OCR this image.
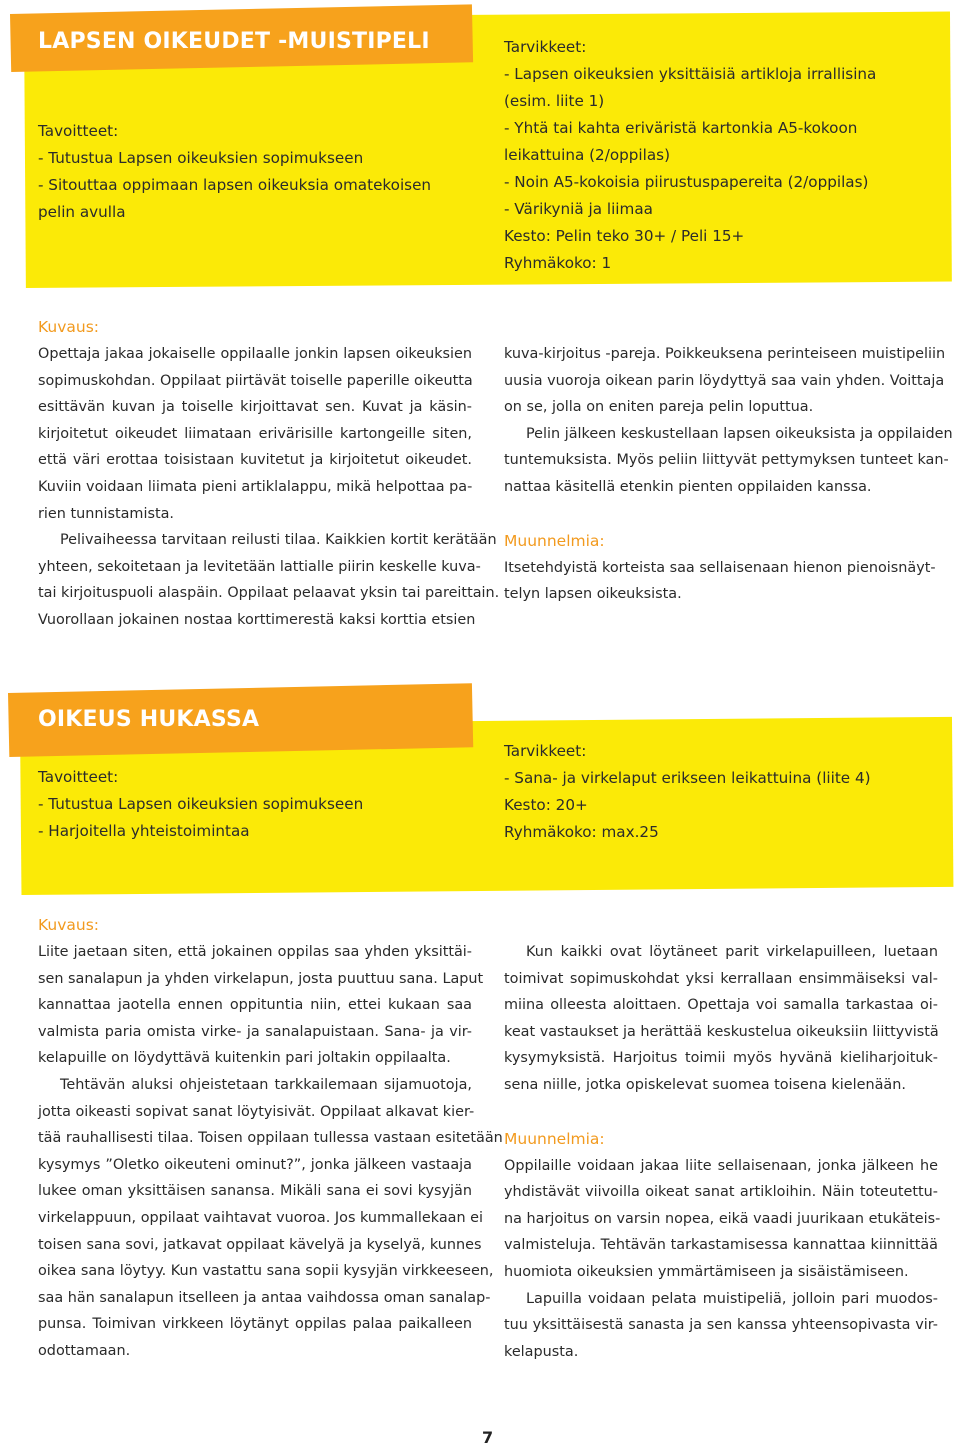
LAPSEN OIKEUDET -MUISTIPELI
Tavoitteet:
- Tutustua Lapsen oikeuksien sopimukseen
- Sitouttaa oppimaan lapsen oikeuksia omatekoisen
pelin avulla
Tarvikkeet:
- Lapsen oikeuksien yksittäisiä artikloja irrallisina
(esim. liite 1)
- Yhtä tai kahta eriväristä kartonkia A5-kokoon
leikattuina (2/oppilas)
- Noin A5-kokoisia piirustuspapereita (2/oppilas)
- Värikyniä ja liimaa
Kesto: Pelin teko 30+ / Peli 15+
Ryhmäkoko: 1
Kuvaus:
Opettaja jakaa jokaiselle oppilaalle jonkin lapsen oikeuksien
sopimuskohdan. Oppilaat piirtävät toiselle paperille oikeutta
esittävän kuvan ja toiselle kirjoittavat sen. Kuvat ja käsin-
kirjoitetut oikeudet liimataan erivärisille kartongeille siten,
että väri erottaa toisistaan kuvitetut ja kirjoitetut oikeudet.
Kuviin voidaan liimata pieni artiklalappu, mikä helpottaa pa-
rien tunnistamista.
Pelivaiheessa tarvitaan reilusti tilaa. Kaikkien kortit kerätään
yhteen, sekoitetaan ja levitetään lattialle piirin keskelle kuva-
tai kirjoituspuoli alaspäin. Oppilaat pelaavat yksin tai pareittain.
Vuorollaan jokainen nostaa korttimerestä kaksi korttia etsien
kuva-kirjoitus -pareja. Poikkeuksena perinteiseen muistipeliin
uusia vuoroja oikean parin löydyttyä saa vain yhden. Voittaja
on se, jolla on eniten pareja pelin loputtua.
Pelin jälkeen keskustellaan lapsen oikeuksista ja oppilaiden
tuntemuksista. Myös peliin liittyvät pettymyksen tunteet kan-
nattaa käsitellä etenkin pienten oppilaiden kanssa.
Muunnelmia:
Itsetehdyistä korteista saa sellaisenaan hienon pienoisnäyt-
telyn lapsen oikeuksista.
OIKEUS HUKASSA
Tavoitteet:
- Tutustua Lapsen oikeuksien sopimukseen
- Harjoitella yhteistoimintaa
Tarvikkeet:
- Sana- ja virkelaput erikseen leikattuina (liite 4)
Kesto: 20+
Ryhmäkoko: max.25
Kuvaus:
Liite jaetaan siten, että jokainen oppilas saa yhden yksittäi-
sen sanalapun ja yhden virkelapun, josta puuttuu sana. Laput
kannattaa jaotella ennen oppituntia niin, ettei kukaan saa
valmista paria omista virke- ja sanalapuistaan. Sana- ja vir-
kelapuille on löydyttävä kuitenkin pari joltakin oppilaalta.
Tehtävän aluksi ohjeistetaan tarkkailemaan sijamuotoja,
jotta oikeasti sopivat sanat löytyisivät. Oppilaat alkavat kier-
tää rauhallisesti tilaa. Toisen oppilaan tullessa vastaan esitetään
kysymys ”Oletko oikeuteni ominut?”, jonka jälkeen vastaaja
lukee oman yksittäisen sanansa. Mikäli sana ei sovi kysyjän
virkelappuun, oppilaat vaihtavat vuoroa. Jos kummallekaan ei
toisen sana sovi, jatkavat oppilaat kävelyä ja kyselyä, kunnes
oikea sana löytyy. Kun vastattu sana sopii kysyjän virkkeeseen,
saa hän sanalapun itselleen ja antaa vaihdossa oman sanalap-
punsa. Toimivan virkkeen löytänyt oppilas palaa paikalleen
odottamaan.
Kun kaikki ovat löytäneet parit virkelapuilleen, luetaan
toimivat sopimuskohdat yksi kerrallaan ensimmäiseksi val-
miina olleesta aloittaen. Opettaja voi samalla tarkastaa oi-
keat vastaukset ja herättää keskustelua oikeuksiin liittyvistä
kysymyksistä. Harjoitus toimii myös hyvänä kieliharjoituk-
sena niille, jotka opiskelevat suomea toisena kielenään.
Muunnelmia:
Oppilaille voidaan jakaa liite sellaisenaan, jonka jälkeen he
yhdistävät viivoilla oikeat sanat artikloihin. Näin toteutettu-
na harjoitus on varsin nopea, eikä vaadi juurikaan etukäteis-
valmisteluja. Tehtävän tarkastamisessa kannattaa kiinnittää
huomiota oikeuksien ymmärtämiseen ja sisäistämiseen.
Lapuilla voidaan pelata muistipeliä, jolloin pari muodos-
tuu yksittäisestä sanasta ja sen kanssa yhteensopivasta vir-
kelapusta.
7
